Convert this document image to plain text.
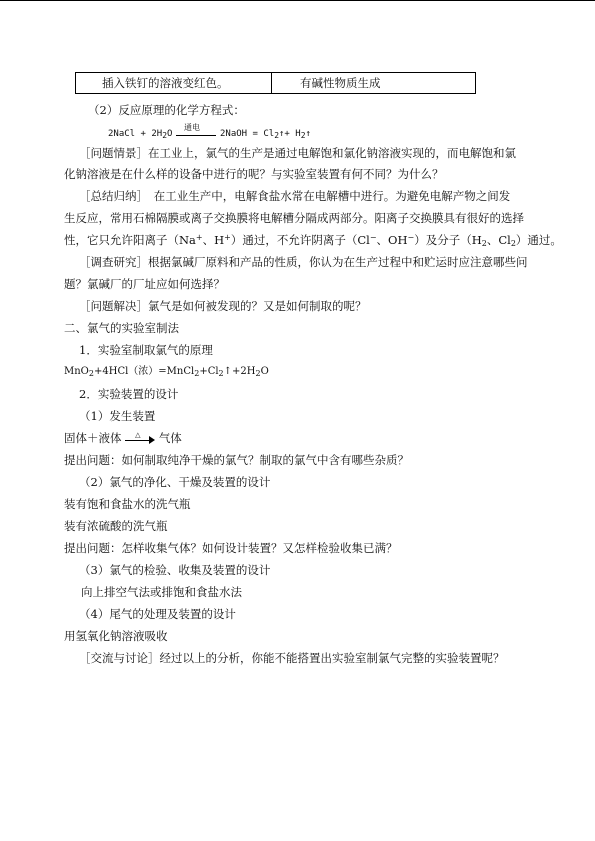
插入铁钉的溶液变红色。	有碱性物质生成
（2）反应原理的化学方程式：
2NaCl + $2H_2O$
通电
2NaOH = $Cl_2↑+$ $H_2↑$
［问题情景］在工业上，氯气的生产是通过电解饱和氯化钠溶液实现的，而电解饱和氯
化钠溶液是在什么样的设备中进行的呢？与实验室装置有何不同？为什么？
［总结归纳］　在工业生产中，电解食盐水常在电解槽中进行。为避免电解产物之间发
生反应，常用石棉隔膜或离子交换膜将电解槽分隔成两部分。阳离子交换膜具有很好的选择
性，它只允许阳离子（Na+、H+）通过，不允许阴离子（Cl−、OH−）及分子（$H_2$、$Cl_2$）通过。
［调查研究］根据氯碱厂原料和产品的性质，你认为在生产过程中和贮运时应注意哪些问
题？氯碱厂的厂址应如何选择？
［问题解决］氯气是如何被发现的？又是如何制取的呢？
二、氯气的实验室制法
1．实验室制取氯气的原理
MnO$_2$+4HCl（浓）$=MnCl_2+Cl_2↑+2H_2O$
2．实验装置的设计
（1）发生装置
固体＋液体 △ 气体
提出问题：如何制取纯净干燥的氯气？制取的氯气中含有哪些杂质？
（2）氯气的净化、干燥及装置的设计
装有饱和食盐水的洗气瓶
装有浓硫酸的洗气瓶
提出问题：怎样收集气体？如何设计装置？又怎样检验收集已满？
（3）氯气的检验、收集及装置的设计
向上排空气法或排饱和食盐水法
（4）尾气的处理及装置的设计
用氢氧化钠溶液吸收
［交流与讨论］经过以上的分析，你能不能搭置出实验室制氯气完整的实验装置呢？
